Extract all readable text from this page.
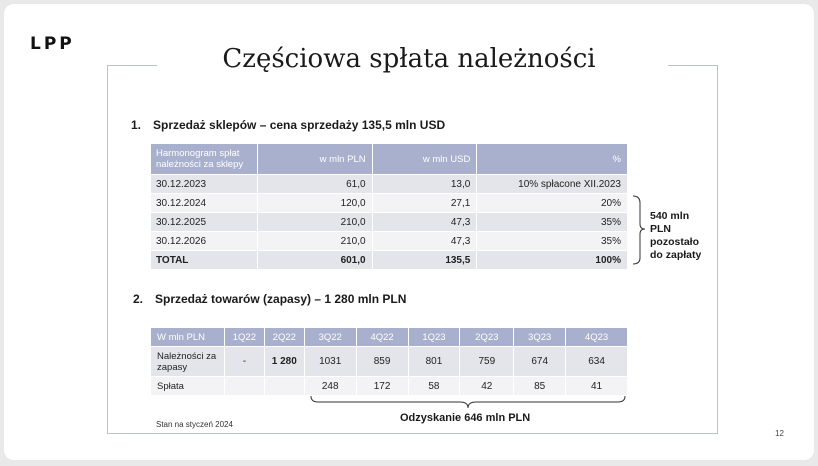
LPP	Częściowa spłata należności
1. Sprzedaż sklepów – cena sprzedaży 135,5 mln USD
Harmonogram spłat należności za sklepy	w mln PLN	w mln USD	%
30.12.2023	61,0	13,0	10% spłacone XII.2023
30.12.2024	120,0	27,1	20%
30.12.2025	210,0	47,3	35%
30.12.2026	210,0	47,3	35%
TOTAL	601,0	135,5	100%
540 mln
PLN
pozostało
do zapłaty
2. Sprzedaż towarów (zapasy) – 1 280 mln PLN
W mln PLN	1Q22	2Q22	3Q22	4Q22	1Q23	2Q23	3Q23	4Q23
Należności za zapasy	-	1 280	1031	859	801	759	674	634
Spłata			248	172	58	42	85	41
Odzyskanie 646 mln PLN
Stan na styczeń 2024
12
